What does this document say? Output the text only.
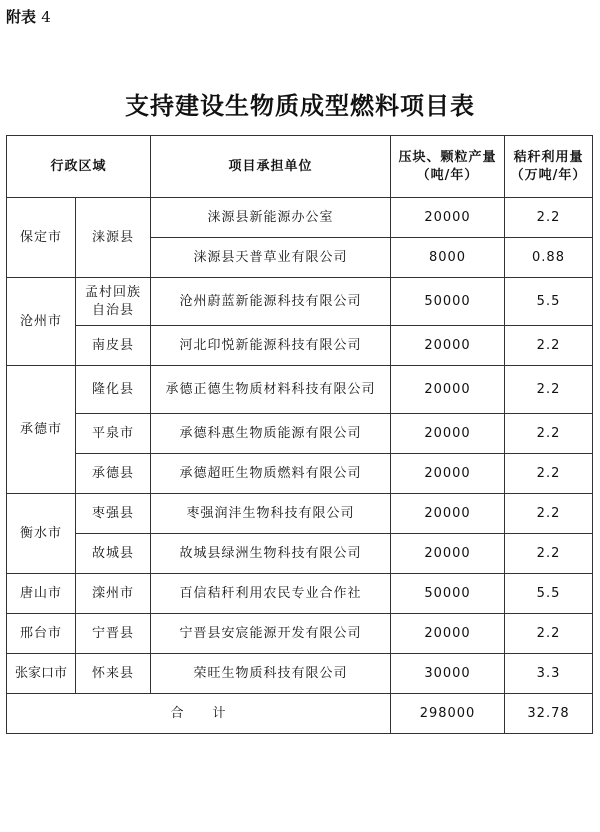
附表 4
支持建设生物质成型燃料项目表
行政区域		项目承担单位	压块、颗粒产量（吨/年）	秸秆利用量（万吨/年）
保定市	涞源县	涞源县新能源办公室	20000	2.2
		涞源县天普草业有限公司	8000	0.88
沧州市	孟村回族自治县	沧州蔚蓝新能源科技有限公司	50000	5.5
	南皮县	河北印悦新能源科技有限公司	20000	2.2
承德市	隆化县	承德正德生物质材料科技有限公司	20000	2.2
	平泉市	承德科惠生物质能源有限公司	20000	2.2
	承德县	承德超旺生物质燃料有限公司	20000	2.2
衡水市	枣强县	枣强润沣生物科技有限公司	20000	2.2
	故城县	故城县绿洲生物科技有限公司	20000	2.2
唐山市	滦州市	百信秸秆利用农民专业合作社	50000	5.5
邢台市	宁晋县	宁晋县安宸能源开发有限公司	20000	2.2
张家口市	怀来县	荣旺生物质科技有限公司	30000	3.3
合　　计			298000	32.78
